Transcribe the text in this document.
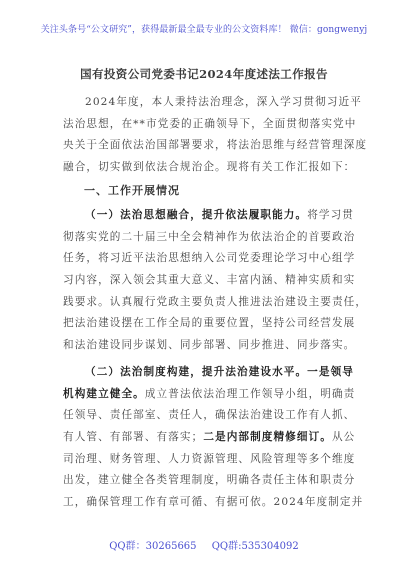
关注头条号“公文研究”，获得最新最全最专业的公文资料库！ 微信：gongwenyj
国有投资公司党委书记2024年度述法工作报告
2024年度，本人秉持法治理念，深入学习贯彻习近平
法治思想，在**市党委的正确领导下，全面贯彻落实党中
央关于全面依法治国部署要求，将法治思维与经营管理深度
融合，切实做到依法合规治企。现将有关工作汇报如下：
一、工作开展情况
（一）法治思想融合，提升依法履职能力。将学习贯
彻落实党的二十届三中全会精神作为依法治企的首要政治
任务，将习近平法治思想纳入公司党委理论学习中心组学
习内容，深入领会其重大意义、丰富内涵、精神实质和实
践要求。认真履行党政主要负责人推进法治建设主要责任，
把法治建设摆在工作全局的重要位置，坚持公司经营发展
和法治建设同步谋划、同步部署、同步推进、同步落实。
（二）法治制度构建，提升法治建设水平。一是领导
机构建立健全。成立普法依法治理工作领导小组，明确责
任领导、责任部室、责任人，确保法治建设工作有人抓、
有人管、有部署、有落实；二是内部制度精修细订。从公
司治理、财务管理、人力资源管理、风险管理等多个维度
出发，建立健全各类管理制度，明确各责任主体和职责分
工，确保管理工作有章可循、有据可依。2024年度制定并
QQ群：30265665 QQ群:535304092
